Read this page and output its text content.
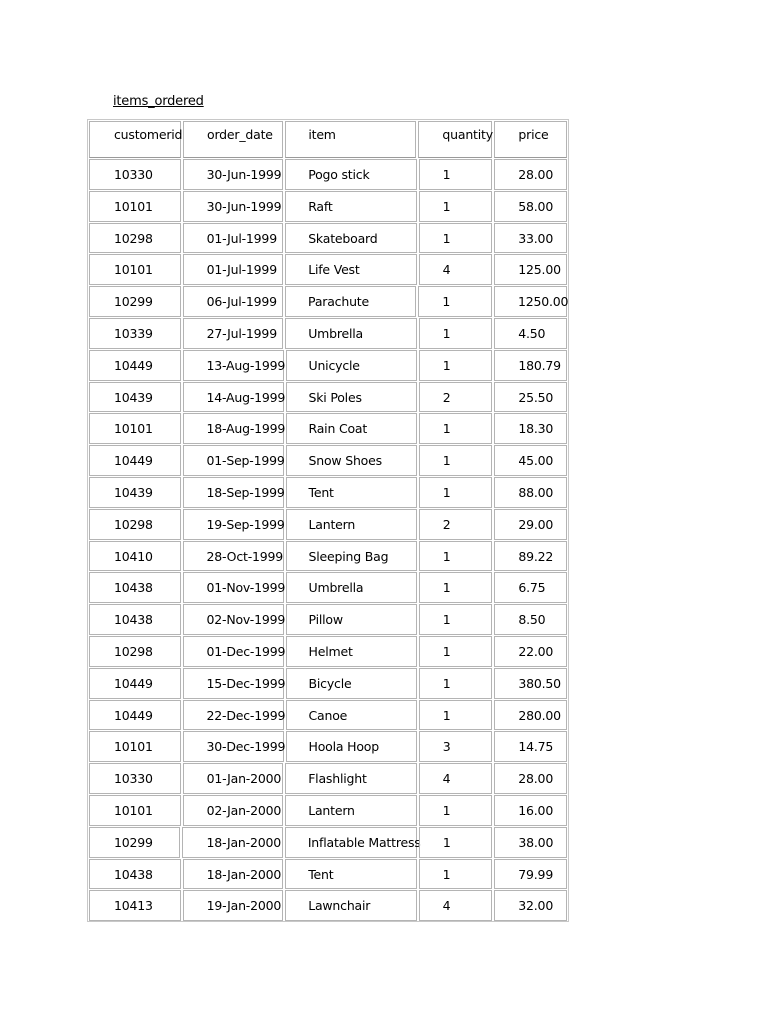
items_ordered
customerid	order_date	item	quantity	price
10330	30-Jun-1999	Pogo stick	1	28.00
10101	30-Jun-1999	Raft	1	58.00
10298	01-Jul-1999	Skateboard	1	33.00
10101	01-Jul-1999	Life Vest	4	125.00
10299	06-Jul-1999	Parachute	1	1250.00
10339	27-Jul-1999	Umbrella	1	4.50
10449	13-Aug-1999	Unicycle	1	180.79
10439	14-Aug-1999	Ski Poles	2	25.50
10101	18-Aug-1999	Rain Coat	1	18.30
10449	01-Sep-1999	Snow Shoes	1	45.00
10439	18-Sep-1999	Tent	1	88.00
10298	19-Sep-1999	Lantern	2	29.00
10410	28-Oct-1999	Sleeping Bag	1	89.22
10438	01-Nov-1999	Umbrella	1	6.75
10438	02-Nov-1999	Pillow	1	8.50
10298	01-Dec-1999	Helmet	1	22.00
10449	15-Dec-1999	Bicycle	1	380.50
10449	22-Dec-1999	Canoe	1	280.00
10101	30-Dec-1999	Hoola Hoop	3	14.75
10330	01-Jan-2000	Flashlight	4	28.00
10101	02-Jan-2000	Lantern	1	16.00
10299	18-Jan-2000	Inflatable Mattress	1	38.00
10438	18-Jan-2000	Tent	1	79.99
10413	19-Jan-2000	Lawnchair	4	32.00
